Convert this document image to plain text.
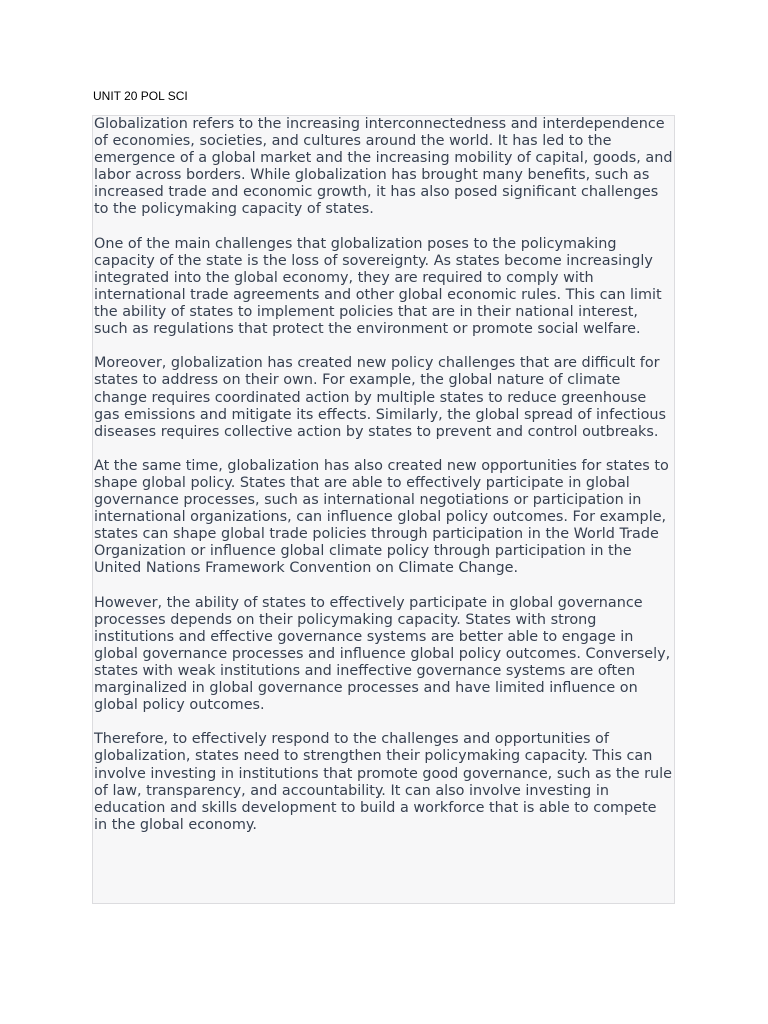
UNIT 20 POL SCI

Globalization refers to the increasing interconnectedness and interdependence of economies, societies, and cultures around the world. It has led to the emergence of a global market and the increasing mobility of capital, goods, and labor across borders. While globalization has brought many benefits, such as increased trade and economic growth, it has also posed significant challenges to the policymaking capacity of states.

One of the main challenges that globalization poses to the policymaking capacity of the state is the loss of sovereignty. As states become increasingly integrated into the global economy, they are required to comply with international trade agreements and other global economic rules. This can limit the ability of states to implement policies that are in their national interest, such as regulations that protect the environment or promote social welfare.

Moreover, globalization has created new policy challenges that are difficult for states to address on their own. For example, the global nature of climate change requires coordinated action by multiple states to reduce greenhouse gas emissions and mitigate its effects. Similarly, the global spread of infectious diseases requires collective action by states to prevent and control outbreaks.

At the same time, globalization has also created new opportunities for states to shape global policy. States that are able to effectively participate in global governance processes, such as international negotiations or participation in international organizations, can influence global policy outcomes. For example, states can shape global trade policies through participation in the World Trade Organization or influence global climate policy through participation in the United Nations Framework Convention on Climate Change.

However, the ability of states to effectively participate in global governance processes depends on their policymaking capacity. States with strong institutions and effective governance systems are better able to engage in global governance processes and influence global policy outcomes. Conversely, states with weak institutions and ineffective governance systems are often marginalized in global governance processes and have limited influence on global policy outcomes.

Therefore, to effectively respond to the challenges and opportunities of globalization, states need to strengthen their policymaking capacity. This can involve investing in institutions that promote good governance, such as the rule of law, transparency, and accountability. It can also involve investing in education and skills development to build a workforce that is able to compete in the global economy.
